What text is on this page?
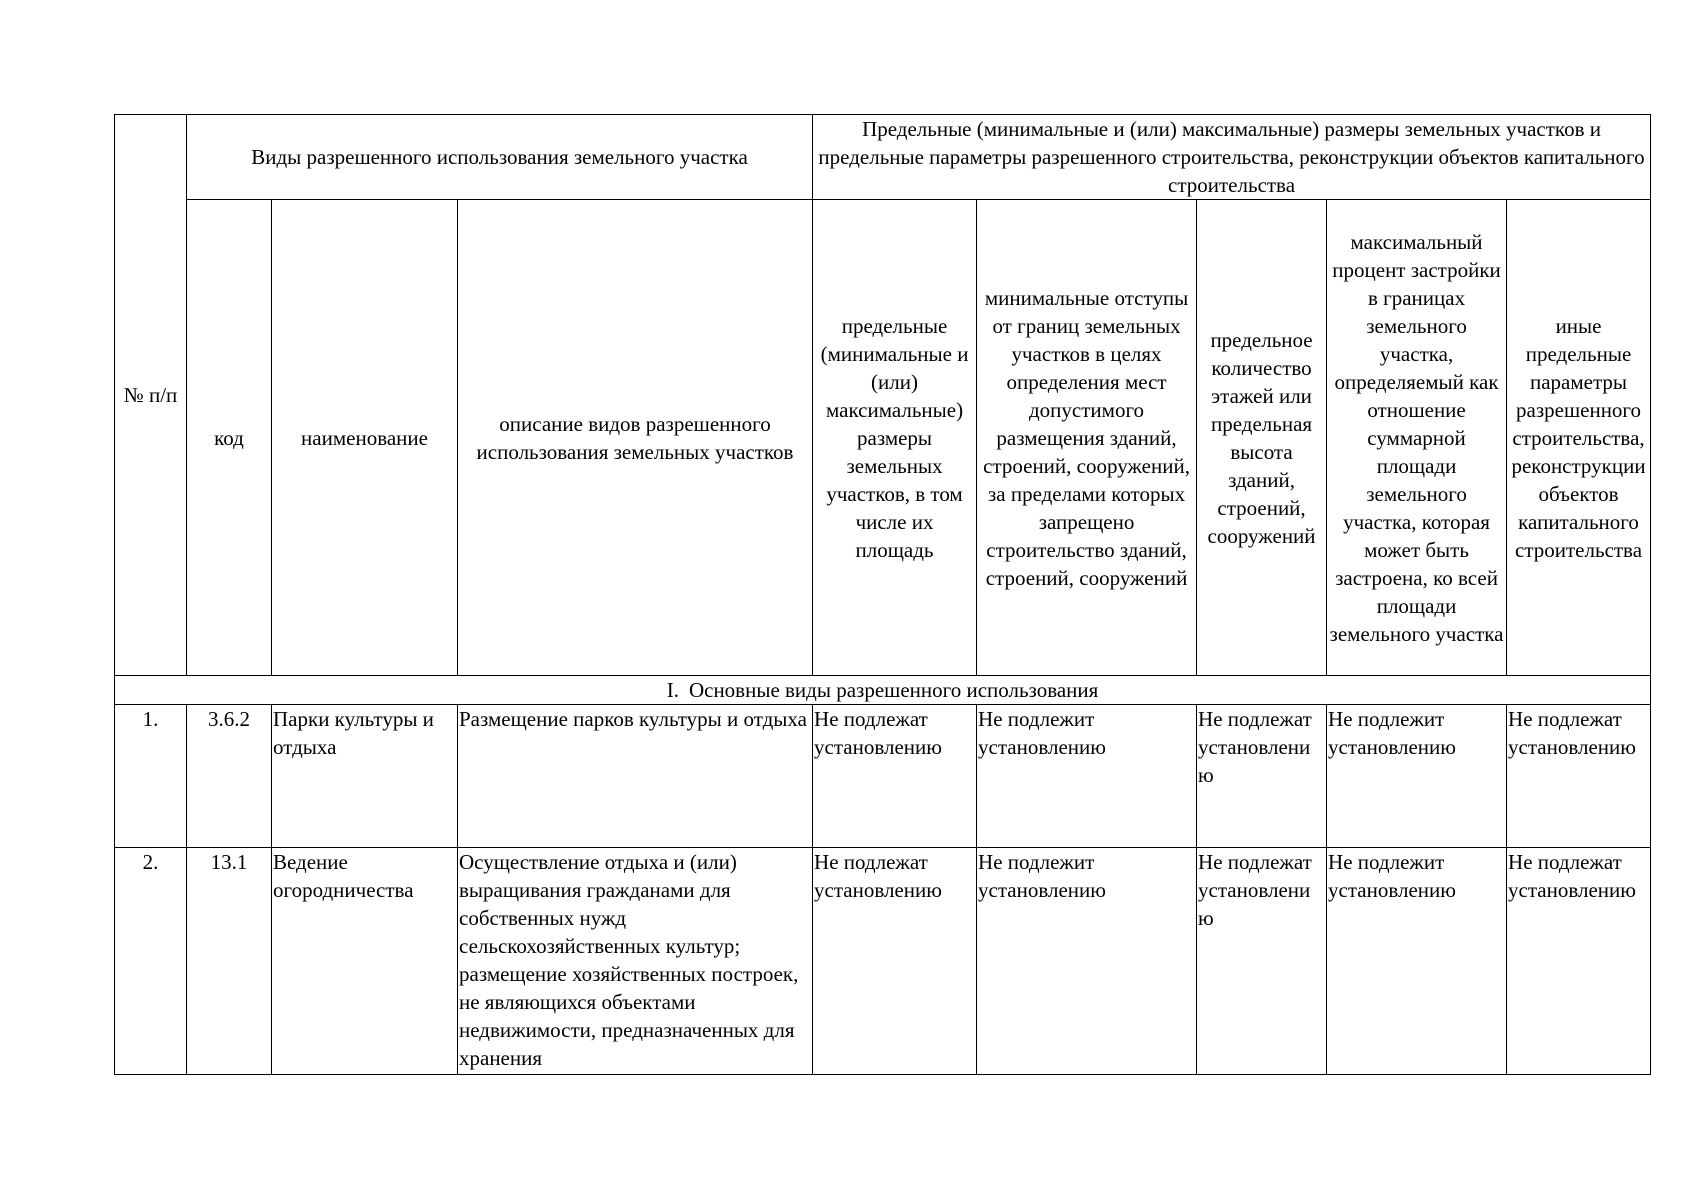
№ п/п	Виды разрешенного использования земельного участка			Предельные (минимальные и (или) максимальные) размеры земельных участков и предельные параметры разрешенного строительства, реконструкции объектов капитального строительства				
	код	наименование	описание видов разрешенного использования земельных участков	предельные (минимальные и (или) максимальные) размеры земельных участков, в том числе их площадь	минимальные отступы от границ земельных участков в целях определения мест допустимого размещения зданий, строений, сооружений, за пределами которых запрещено строительство зданий, строений, сооружений	предельное количество этажей или предельная высота зданий, строений, сооружений	максимальный процент застройки в границах земельного участка, определяемый как отношение суммарной площади земельного участка, которая может быть застроена, ко всей площади земельного участка	иные предельные параметры разрешенного строительства, реконструкции объектов капитального строительства
I. Основные виды разрешенного использования								
1.	3.6.2	Парки культуры и отдыха	Размещение парков культуры и отдыха	Не подлежат установлению	Не подлежит установлению	Не подлежат установлению	Не подлежит установлению	Не подлежат установлению
2.	13.1	Ведение огородничества	Осуществление отдыха и (или) выращивания гражданами для собственных нужд сельскохозяйственных культур; размещение хозяйственных построек, не являющихся объектами недвижимости, предназначенных для хранения	Не подлежат установлению	Не подлежит установлению	Не подлежат установлению	Не подлежит установлению	Не подлежат установлению
